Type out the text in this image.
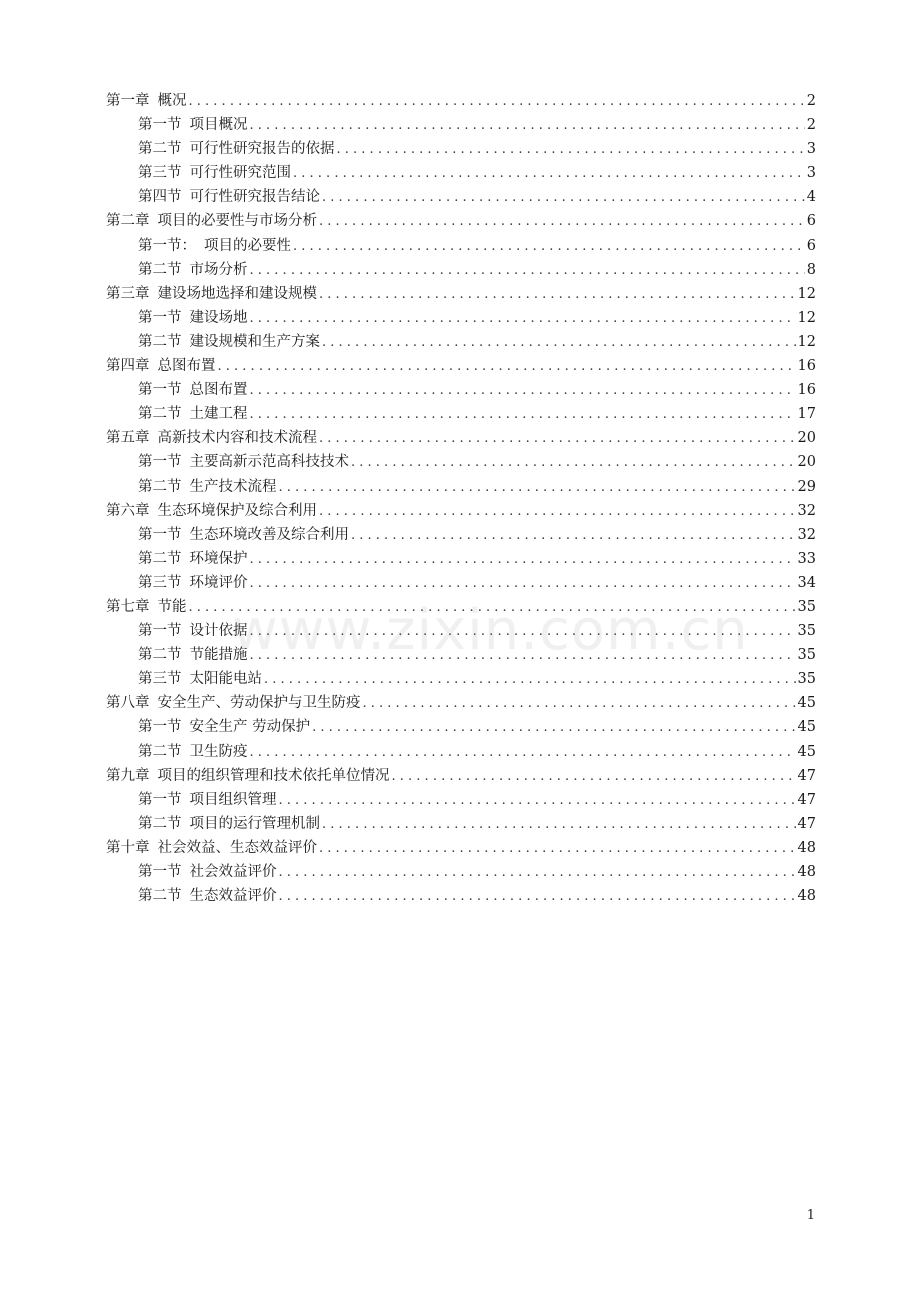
第一章 概况 . . .	2
第一节 项目概况 . . .	2
第二节 可行性研究报告的依据 . . .	3
第三节 可行性研究范围 . . .	3
第四节 可行性研究报告结论 . . .	4
第二章 项目的必要性与市场分析 . . .	6
第一节： 项目的必要性 . . .	6
第二节 市场分析 . . .	8
第三章 建设场地选择和建设规模 . . .	12
第一节 建设场地 . . .	12
第二节 建设规模和生产方案 . . .	12
第四章 总图布置 . . .	16
第一节 总图布置 . . .	16
第二节 土建工程 . . .	17
第五章 高新技术内容和技术流程 . . .	20
第一节 主要高新示范高科技技术 . . .	20
第二节 生产技术流程 . . .	29
第六章 生态环境保护及综合利用 . . .	32
第一节 生态环境改善及综合利用 . . .	32
第二节 环境保护 . . .	33
第三节 环境评价 . . .	34
第七章 节能 . . .	35
第一节 设计依据 . . .	35
第二节 节能措施 . . .	35
第三节 太阳能电站 . . .	35
第八章 安全生产、劳动保护与卫生防疫 . . .	45
第一节 安全生产 劳动保护 . . .	45
第二节 卫生防疫 . . .	45
第九章 项目的组织管理和技术依托单位情况 . . .	47
第一节 项目组织管理 . . .	47
第二节 项目的运行管理机制 . . .	47
第十章 社会效益、生态效益评价 . . .	48
第一节 社会效益评价 . . .	48
第二节 生态效益评价 . . .	48
www.zixin.com.cn
1
